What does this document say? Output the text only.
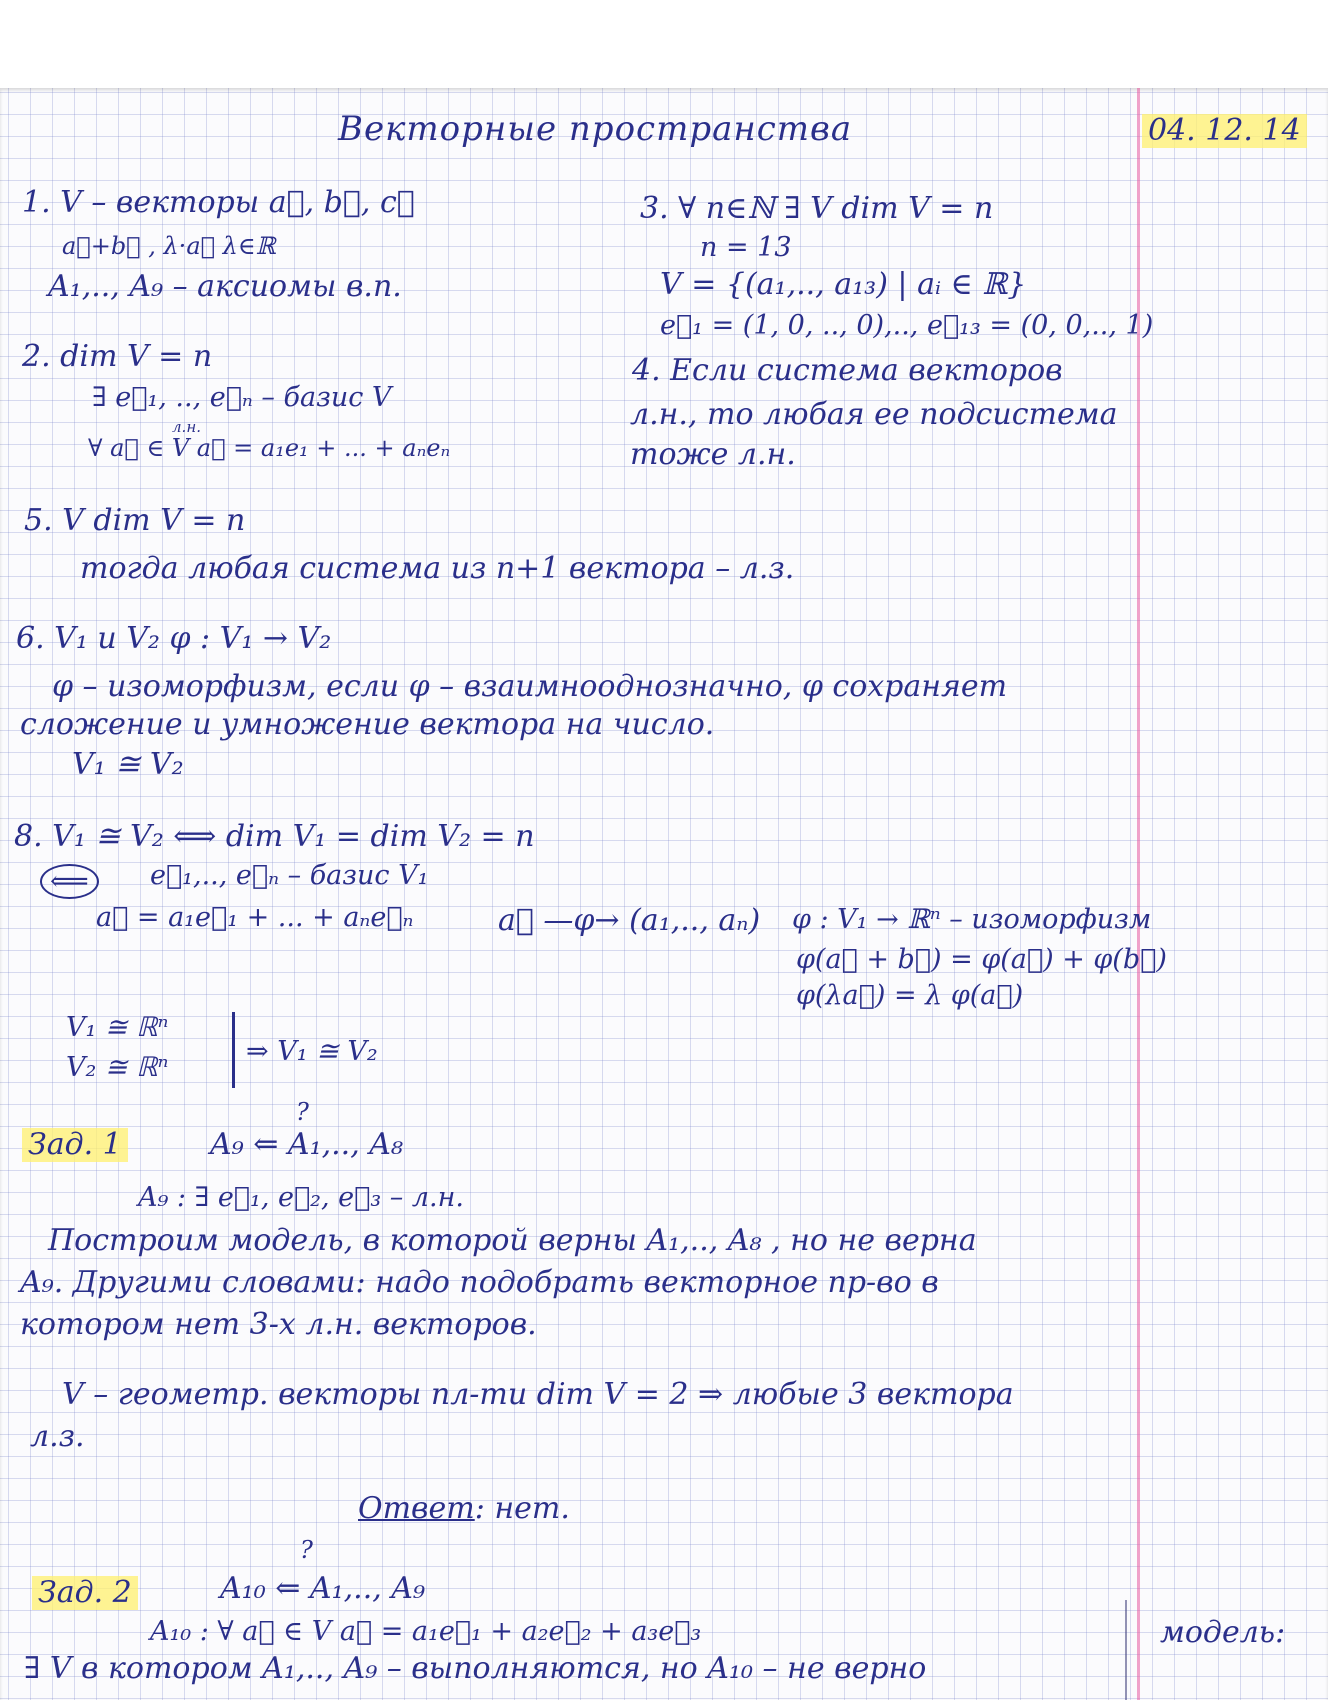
Векторные пространства	04. 12. 14
1. V – векторы a⃗, b⃗, c⃗
a⃗+b⃗ , λ·a⃗ λ∈ℝ
A₁,.., A₉ – аксиомы в.п.
2. dim V = n
∃ e⃗₁, .., e⃗ₙ – базис V
л.н.
∀ a⃗ ∈ V a⃗ = a₁e₁ + ... + aₙeₙ
3. ∀ n∈ℕ ∃ V dim V = n
n = 13
V = {(a₁,.., a₁₃) | aᵢ ∈ ℝ}
e⃗₁ = (1, 0, .., 0),.., e⃗₁₃ = (0, 0,.., 1)
4. Если система векторов
л.н., то любая ее подсистема
тоже л.н.
5. V dim V = n
тогда любая система из n+1 вектора – л.з.
6. V₁ и V₂ φ : V₁ → V₂
φ – изоморфизм, если φ – взаимнооднозначно, φ сохраняет
сложение и умножение вектора на число.
V₁ ≅ V₂
8. V₁ ≅ V₂ ⟺ dim V₁ = dim V₂ = n
⟸	e⃗₁,.., e⃗ₙ – базис V₁
a⃗ = a₁e⃗₁ + ... + aₙe⃗ₙ	a⃗ —φ→ (a₁,.., aₙ) φ : V₁ → ℝⁿ – изоморфизм
φ(a⃗ + b⃗) = φ(a⃗) + φ(b⃗)
φ(λa⃗) = λ φ(a⃗)
V₁ ≅ ℝⁿ
V₂ ≅ ℝⁿ
⇒ V₁ ≅ V₂
?
Зад. 1	A₉ ⇐ A₁,.., A₈
A₉ : ∃ e⃗₁, e⃗₂, e⃗₃ – л.н.
Построим модель, в которой верны A₁,.., A₈ , но не верна
A₉. Другими словами: надо подобрать векторное пр-во в
котором нет 3-х л.н. векторов.
V – геометр. векторы пл-ти dim V = 2 ⇒ любые 3 вектора
л.з.
Ответ: нет.
?
Зад. 2	A₁₀ ⇐ A₁,.., A₉
A₁₀ : ∀ a⃗ ∈ V a⃗ = a₁e⃗₁ + a₂e⃗₂ + a₃e⃗₃
∃ V в котором A₁,.., A₉ – выполняются, но A₁₀ – не верно
модель:
